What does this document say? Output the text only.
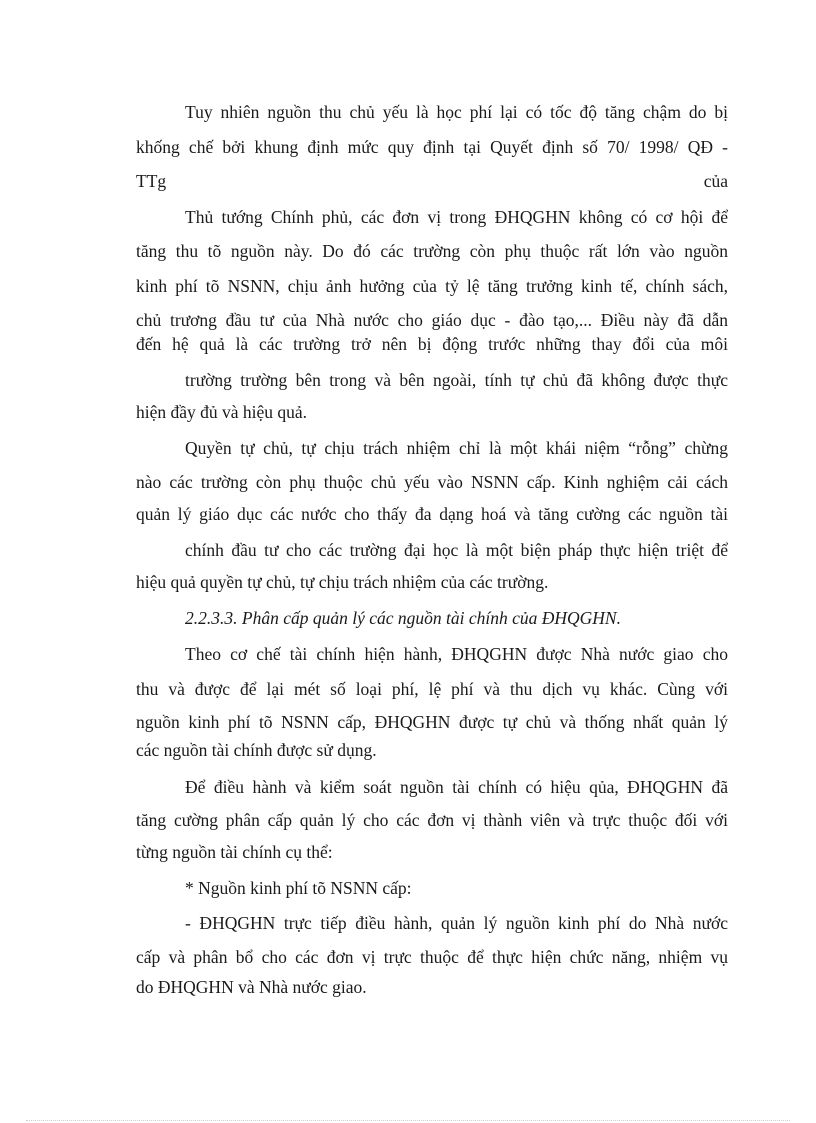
Tuy nhiên nguồn thu chủ yếu là học phí lại có tốc độ tăng chậm do bị
khống chế bởi khung định mức quy định tại Quyết định số 70/ 1998/ QĐ -
TTg	của
Thủ tướng Chính phủ, các đơn vị trong ĐHQGHN không có cơ hội để
tăng thu tõ nguồn này. Do đó các trường còn phụ thuộc rất lớn vào nguồn
kinh phí tõ NSNN, chịu ảnh hưởng của tỷ lệ tăng trưởng kinh tế, chính sách,
chủ trương đầu tư của Nhà nước cho giáo dục - đào tạo,... Điều này đã dẫn
đến hệ quả là các trường trở nên bị động trước những thay đổi của môi
trường trường bên trong và bên ngoài, tính tự chủ đã không được thực
hiện đầy đủ và hiệu quả.
Quyền tự chủ, tự chịu trách nhiệm chỉ là một khái niệm “rỗng” chừng
nào các trường còn phụ thuộc chủ yếu vào NSNN cấp. Kinh nghiệm cải cách
quản lý giáo dục các nước cho thấy đa dạng hoá và tăng cường các nguồn tài
chính đầu tư cho các trường đại học là một biện pháp thực hiện triệt để
hiệu quả quyền tự chủ, tự chịu trách nhiệm của các trường.
2.2.3.3. Phân cấp quản lý các nguồn tài chính của ĐHQGHN.
Theo cơ chế tài chính hiện hành, ĐHQGHN được Nhà nước giao cho
thu và được để lại mét số loại phí, lệ phí và thu dịch vụ khác. Cùng với
nguồn kinh phí tõ NSNN cấp, ĐHQGHN được tự chủ và thống nhất quản lý
các nguồn tài chính được sử dụng.
Để điều hành và kiểm soát nguồn tài chính có hiệu qủa, ĐHQGHN đã
tăng cường phân cấp quản lý cho các đơn vị thành viên và trực thuộc đối với
từng nguồn tài chính cụ thể:
* Nguồn kinh phí tõ NSNN cấp:
- ĐHQGHN trực tiếp điều hành, quản lý nguồn kinh phí do Nhà nước
cấp và phân bổ cho các đơn vị trực thuộc để thực hiện chức năng, nhiệm vụ
do ĐHQGHN và Nhà nước giao.
